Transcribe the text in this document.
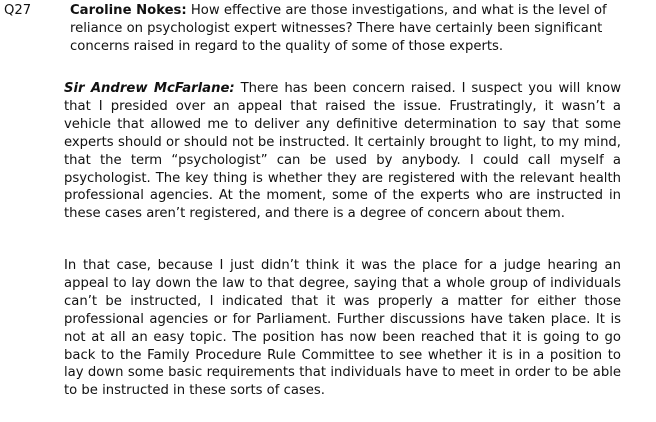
Q27	Caroline Nokes: How effective are those investigations, and what is the level of reliance on psychologist expert witnesses? There have certainly been significant concerns raised in regard to the quality of some of those experts.

Sir Andrew McFarlane: There has been concern raised. I suspect you will know that I presided over an appeal that raised the issue. Frustratingly, it wasn’t a vehicle that allowed me to deliver any definitive determination to say that some experts should or should not be instructed. It certainly brought to light, to my mind, that the term “psychologist” can be used by anybody. I could call myself a psychologist. The key thing is whether they are registered with the relevant health professional agencies. At the moment, some of the experts who are instructed in these cases aren’t registered, and there is a degree of concern about them.

In that case, because I just didn’t think it was the place for a judge hearing an appeal to lay down the law to that degree, saying that a whole group of individuals can’t be instructed, I indicated that it was properly a matter for either those professional agencies or for Parliament. Further discussions have taken place. It is not at all an easy topic. The position has now been reached that it is going to go back to the Family Procedure Rule Committee to see whether it is in a position to lay down some basic requirements that individuals have to meet in order to be able to be instructed in these sorts of cases.
